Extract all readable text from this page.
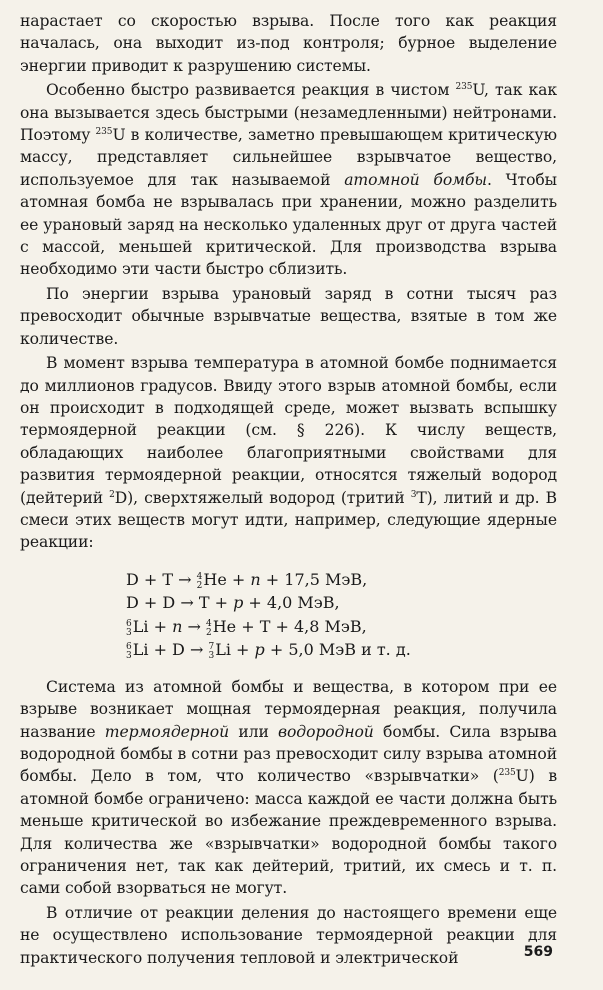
нарастает со скоростью взрыва. После того как реакция началась, она выходит из-под контроля; бурное выделение энергии приводит к разрушению системы.

Особенно быстро развивается реакция в чистом $^{235}$U, так как она вызывается здесь быстрыми (незамедленными) нейтронами. Поэтому $^{235}$U в количестве, заметно превышающем критическую массу, представляет сильнейшее взрывчатое вещество, используемое для так называемой атомной бомбы. Чтобы атомная бомба не взрывалась при хранении, можно разделить ее урановый заряд на несколько удаленных друг от друга частей с массой, меньшей критической. Для производства взрыва необходимо эти части быстро сблизить.

По энергии взрыва урановый заряд в сотни тысяч раз превосходит обычные взрывчатые вещества, взятые в том же количестве.

В момент взрыва температура в атомной бомбе поднимается до миллионов градусов. Ввиду этого взрыв атомной бомбы, если он происходит в подходящей среде, может вызвать вспышку термоядерной реакции (см. § 226). К числу веществ, обладающих наиболее благоприятными свойствами для развития термоядерной реакции, относятся тяжелый водород (дейтерий $^2$D), сверхтяжелый водород (тритий $^3$T), литий и др. В смеси этих веществ могут идти, например, следующие ядерные реакции:

D + T → 4
2 He + n + 17,5 МэВ,
D + D → T + p + 4,0 МэВ,
6
3 Li + n → 4
2 He + T + 4,8 МэВ,
6
3 Li + D → 7
3 Li + p + 5,0 МэВ и т. д.

Система из атомной бомбы и вещества, в котором при ее взрыве возникает мощная термоядерная реакция, получила название термоядерной или водородной бомбы. Сила взрыва водородной бомбы в сотни раз превосходит силу взрыва атомной бомбы. Дело в том, что количество «взрывчатки» ($^{235}$U) в атомной бомбе ограничено: масса каждой ее части должна быть меньше критической во избежание преждевременного взрыва. Для количества же «взрывчатки» водородной бомбы такого ограничения нет, так как дейтерий, тритий, их смесь и т. п. сами собой взорваться не могут.

В отличие от реакции деления до настоящего времени еще не осуществлено использование термоядерной реакции для практического получения тепловой и электрической	569
